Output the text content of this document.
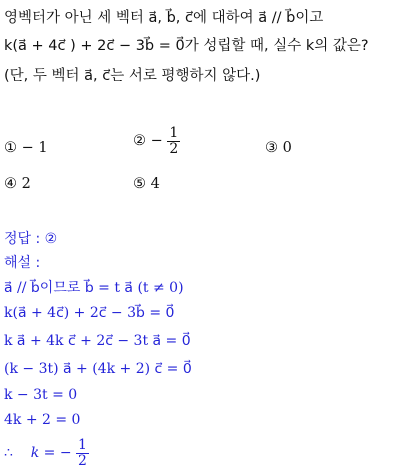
영벡터가 아닌 세 벡터 a⃗, b⃗, c⃗에 대하여 a⃗ // b⃗이고
k(a⃗ + 4c⃗ ) + 2c⃗ − 3b⃗ = 0⃗가 성립할 때, 실수 k의 값은?
(단, 두 벡터 a⃗, c⃗는 서로 평행하지 않다.)
① − 1	② − $\frac{1}{2}$	③ 0
④ 2	⑤ 4
정답 : ②
해설 :
a⃗ // b⃗이므로 b⃗ = t a⃗ (t ≠ 0)
k(a⃗ + 4c⃗) + 2c⃗ − 3b⃗ = 0⃗
k a⃗ + 4k c⃗ + 2c⃗ − 3t a⃗ = 0⃗
(k − 3t) a⃗ + (4k + 2) c⃗ = 0⃗
k − 3t = 0
4k + 2 = 0
∴ k = − $\frac{1}{2}$
